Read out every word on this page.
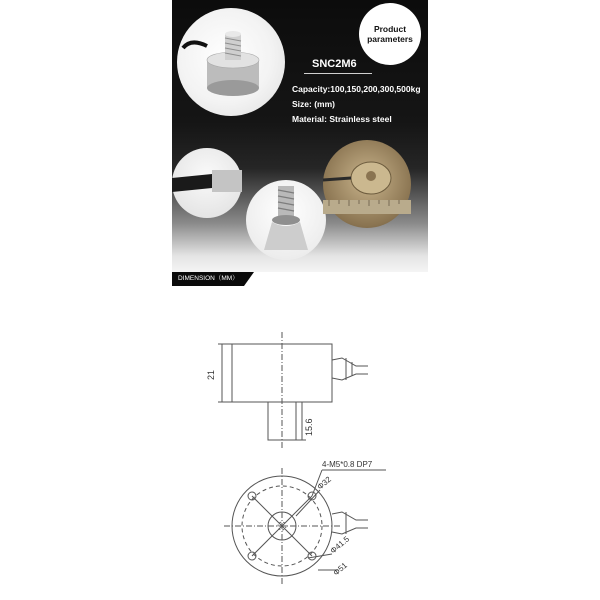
Product
parameters
SNC2M6
Capacity:100,150,200,300,500kg
Size: (mm)
Material: Strainless steel
DIMENSION（MM）
21
15.6
4-M5*0.8 DP7
Φ32
Φ41.5
Φ51
